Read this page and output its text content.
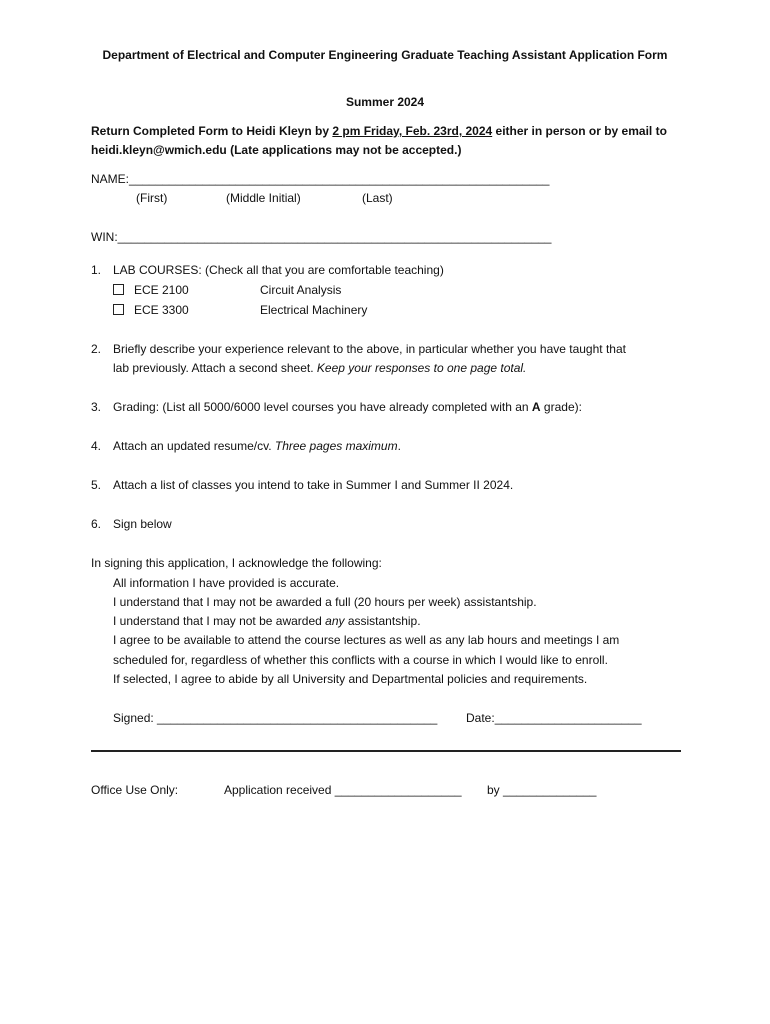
Department of Electrical and Computer Engineering Graduate Teaching Assistant Application Form
Summer 2024
Return Completed Form to Heidi Kleyn by 2 pm Friday, Feb. 23rd, 2024 either in person or by email to
heidi.kleyn@wmich.edu (Late applications may not be accepted.)
NAME:_______________________________________________________________
(First)	(Middle Initial)	(Last)
WIN:_________________________________________________________________
1. LAB COURSES: (Check all that you are comfortable teaching)
ECE 2100	Circuit Analysis
ECE 3300	Electrical Machinery
2. Briefly describe your experience relevant to the above, in particular whether you have taught that
lab previously. Attach a second sheet. Keep your responses to one page total.
3. Grading: (List all 5000/6000 level courses you have already completed with an A grade):
4. Attach an updated resume/cv. Three pages maximum.
5. Attach a list of classes you intend to take in Summer I and Summer II 2024.
6. Sign below
In signing this application, I acknowledge the following:
All information I have provided is accurate.
I understand that I may not be awarded a full (20 hours per week) assistantship.
I understand that I may not be awarded any assistantship.
I agree to be available to attend the course lectures as well as any lab hours and meetings I am
scheduled for, regardless of whether this conflicts with a course in which I would like to enroll.
If selected, I agree to abide by all University and Departmental policies and requirements.
Signed: __________________________________________ Date:______________________
Office Use Only:	Application received ___________________ by ______________
